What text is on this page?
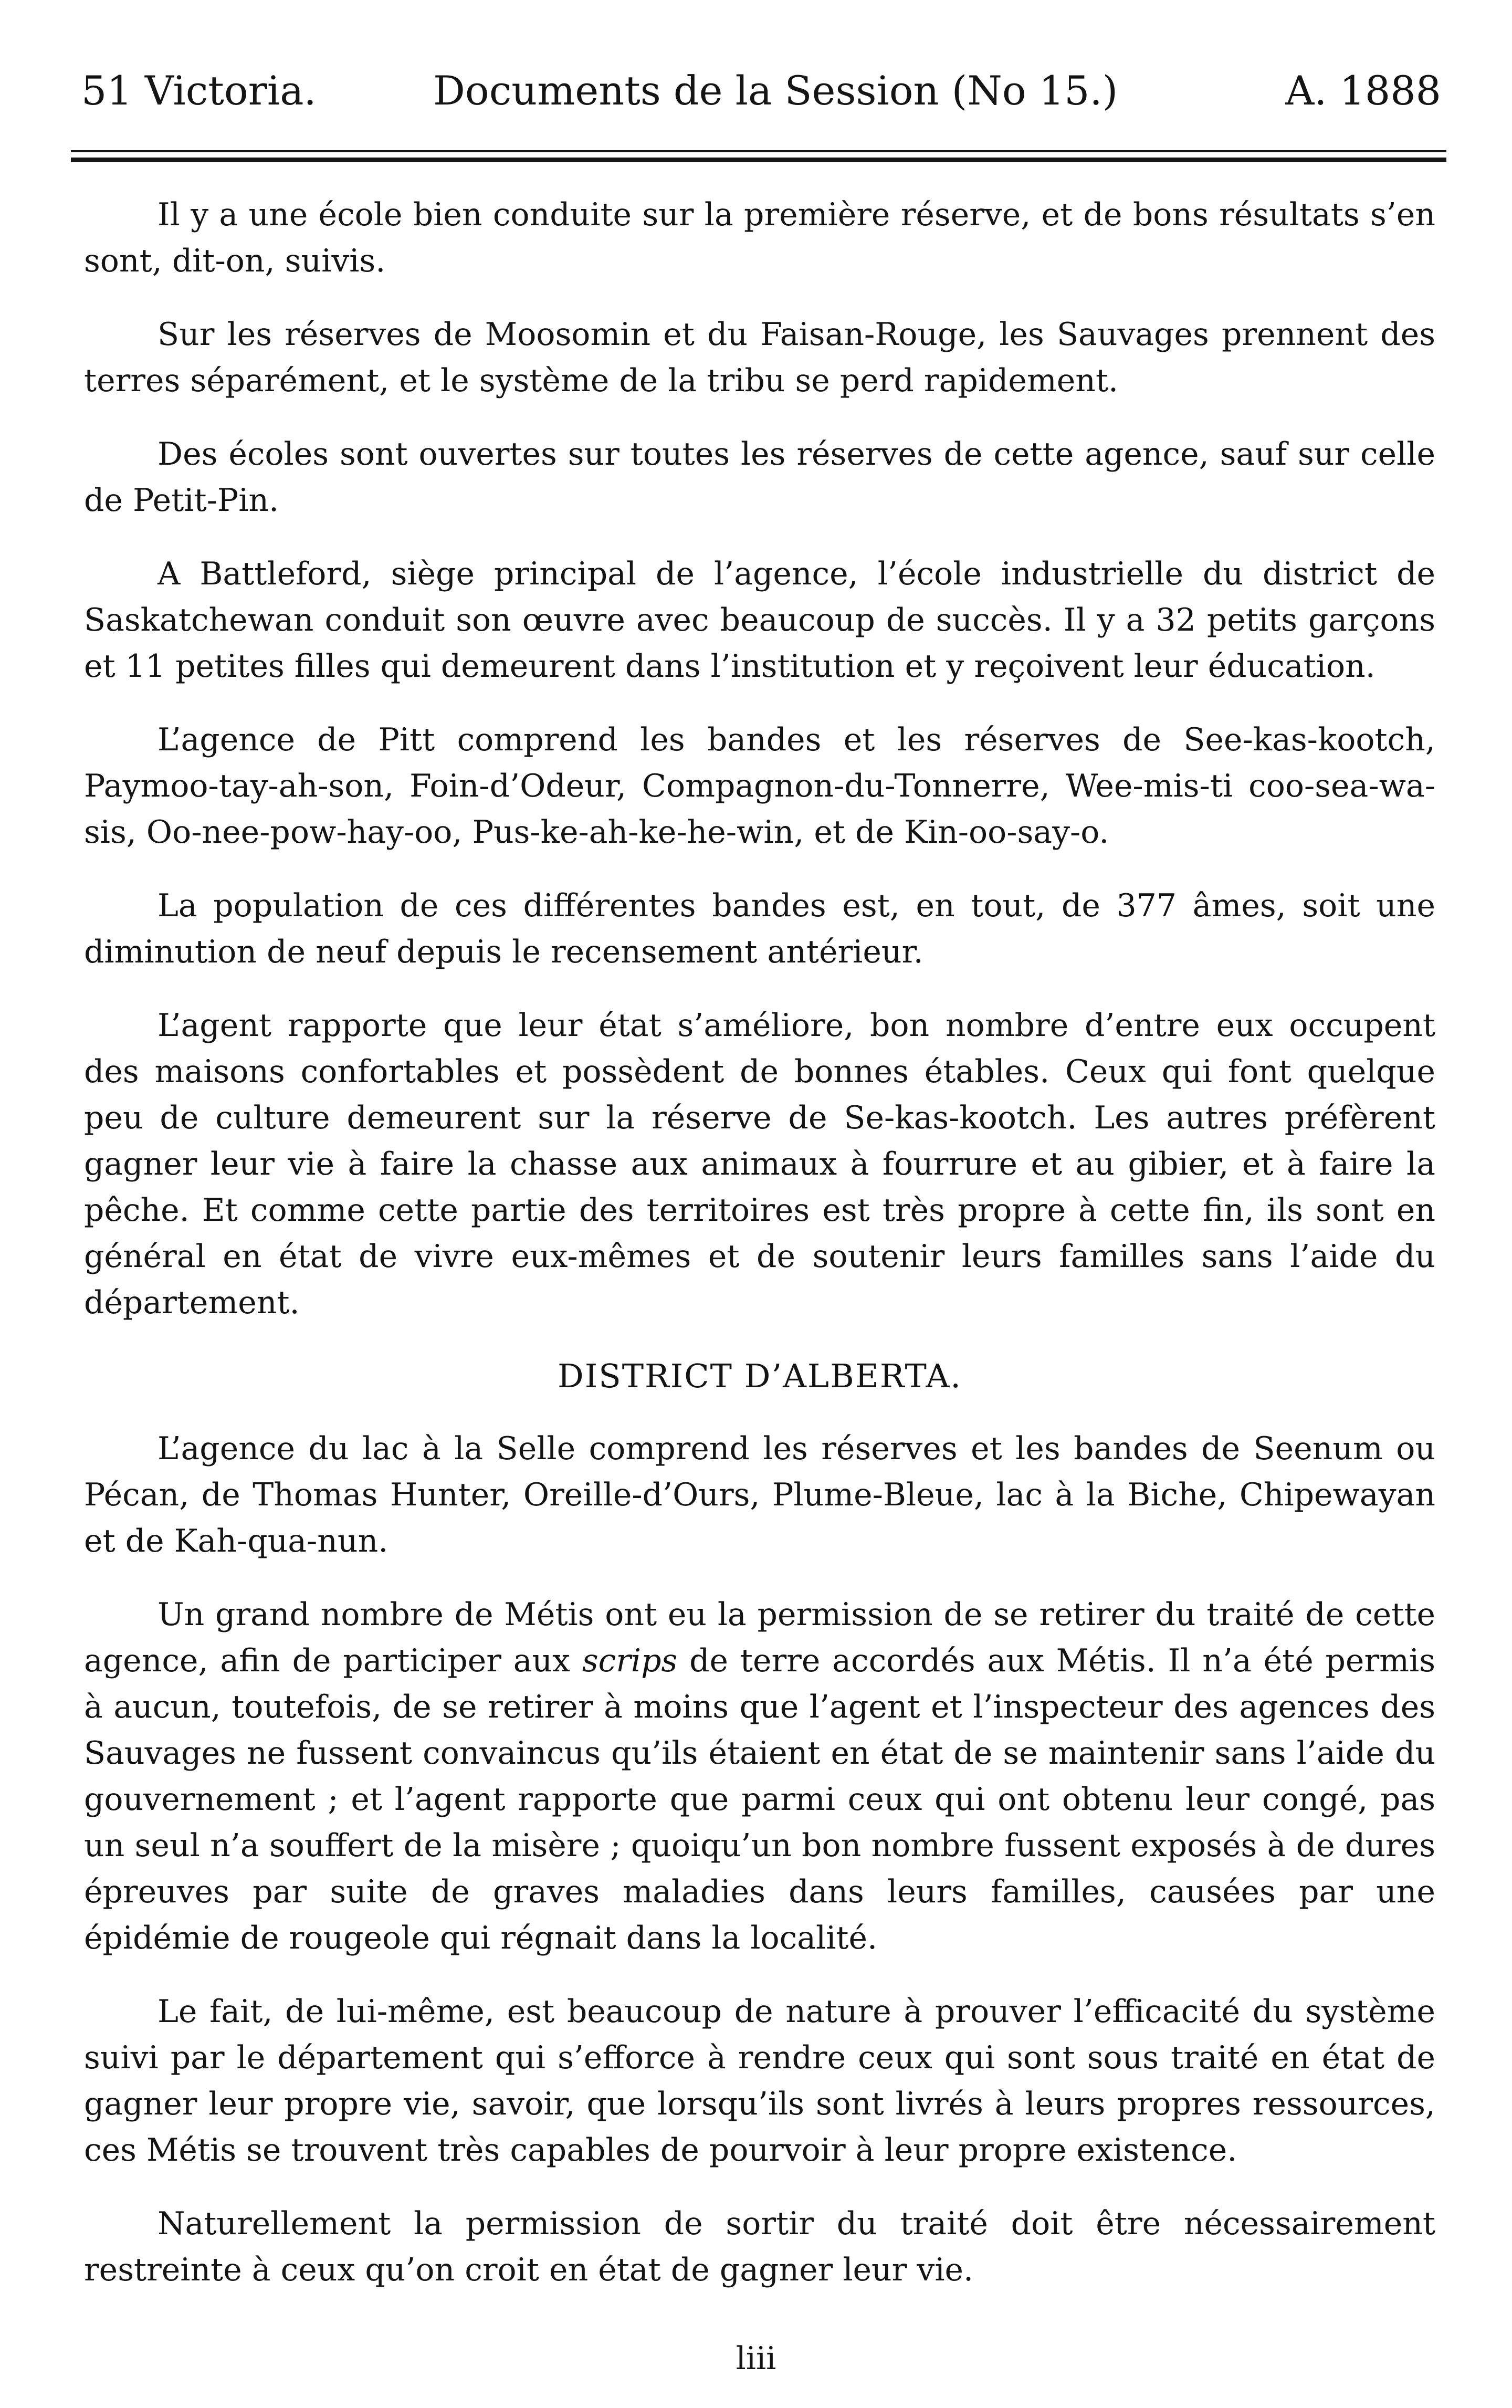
51 Victoria.	Documents de la Session (No 15.)	A. 1888

Il y a une école bien conduite sur la première réserve, et de bons résultats s’en sont, dit-on, suivis.

Sur les réserves de Moosomin et du Faisan-Rouge, les Sauvages prennent des terres séparément, et le système de la tribu se perd rapidement.

Des écoles sont ouvertes sur toutes les réserves de cette agence, sauf sur celle de Petit-Pin.

A Battleford, siège principal de l’agence, l’école industrielle du district de Saskatchewan conduit son œuvre avec beaucoup de succès. Il y a 32 petits garçons et 11 petites filles qui demeurent dans l’institution et y reçoivent leur éducation.

L’agence de Pitt comprend les bandes et les réserves de See-kas-kootch, Paymoo-tay-ah-son, Foin-d’Odeur, Compagnon-du-Tonnerre, Wee-mis-ti coo-sea-wa-sis, Oo-nee-pow-hay-oo, Pus-ke-ah-ke-he-win, et de Kin-oo-say-o.

La population de ces différentes bandes est, en tout, de 377 âmes, soit une diminution de neuf depuis le recensement antérieur.

L’agent rapporte que leur état s’améliore, bon nombre d’entre eux occupent des maisons confortables et possèdent de bonnes étables. Ceux qui font quelque peu de culture demeurent sur la réserve de Se-kas-kootch. Les autres préfèrent gagner leur vie à faire la chasse aux animaux à fourrure et au gibier, et à faire la pêche. Et comme cette partie des territoires est très propre à cette fin, ils sont en général en état de vivre eux-mêmes et de soutenir leurs familles sans l’aide du département.

DISTRICT D’ALBERTA.

L’agence du lac à la Selle comprend les réserves et les bandes de Seenum ou Pécan, de Thomas Hunter, Oreille-d’Ours, Plume-Bleue, lac à la Biche, Chipewayan et de Kah-qua-nun.

Un grand nombre de Métis ont eu la permission de se retirer du traité de cette agence, afin de participer aux scrips de terre accordés aux Métis. Il n’a été permis à aucun, toutefois, de se retirer à moins que l’agent et l’inspecteur des agences des Sauvages ne fussent convaincus qu’ils étaient en état de se maintenir sans l’aide du gouvernement ; et l’agent rapporte que parmi ceux qui ont obtenu leur congé, pas un seul n’a souffert de la misère ; quoiqu’un bon nombre fussent exposés à de dures épreuves par suite de graves maladies dans leurs familles, causées par une épidémie de rougeole qui régnait dans la localité.

Le fait, de lui-même, est beaucoup de nature à prouver l’efficacité du système suivi par le département qui s’efforce à rendre ceux qui sont sous traité en état de gagner leur propre vie, savoir, que lorsqu’ils sont livrés à leurs propres ressources, ces Métis se trouvent très capables de pourvoir à leur propre existence.

Naturellement la permission de sortir du traité doit être nécessairement restreinte à ceux qu’on croit en état de gagner leur vie.

liii
